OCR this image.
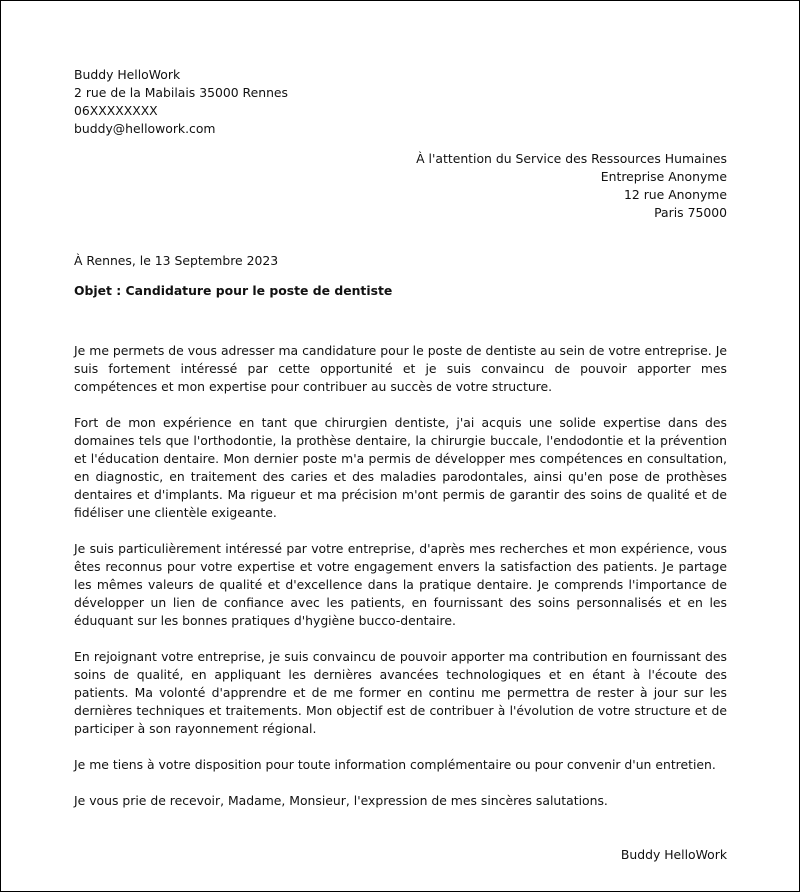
Buddy HelloWork
2 rue de la Mabilais 35000 Rennes
06XXXXXXXX
buddy@hellowork.com
À l'attention du Service des Ressources Humaines
Entreprise Anonyme
12 rue Anonyme
Paris 75000
À Rennes, le 13 Septembre 2023
Objet : Candidature pour le poste de dentiste

Je me permets de vous adresser ma candidature pour le poste de dentiste au sein de votre entreprise. Je suis fortement intéressé par cette opportunité et je suis convaincu de pouvoir apporter mes compétences et mon expertise pour contribuer au succès de votre structure.

Fort de mon expérience en tant que chirurgien dentiste, j'ai acquis une solide expertise dans des domaines tels que l'orthodontie, la prothèse dentaire, la chirurgie buccale, l'endodontie et la prévention et l'éducation dentaire. Mon dernier poste m'a permis de développer mes compétences en consultation, en diagnostic, en traitement des caries et des maladies parodontales, ainsi qu'en pose de prothèses dentaires et d'implants. Ma rigueur et ma précision m'ont permis de garantir des soins de qualité et de fidéliser une clientèle exigeante.

Je suis particulièrement intéressé par votre entreprise, d'après mes recherches et mon expérience, vous êtes reconnus pour votre expertise et votre engagement envers la satisfaction des patients. Je partage les mêmes valeurs de qualité et d'excellence dans la pratique dentaire. Je comprends l'importance de développer un lien de confiance avec les patients, en fournissant des soins personnalisés et en les éduquant sur les bonnes pratiques d'hygiène bucco-dentaire.

En rejoignant votre entreprise, je suis convaincu de pouvoir apporter ma contribution en fournissant des soins de qualité, en appliquant les dernières avancées technologiques et en étant à l'écoute des patients. Ma volonté d'apprendre et de me former en continu me permettra de rester à jour sur les dernières techniques et traitements. Mon objectif est de contribuer à l'évolution de votre structure et de participer à son rayonnement régional.

Je me tiens à votre disposition pour toute information complémentaire ou pour convenir d'un entretien.

Je vous prie de recevoir, Madame, Monsieur, l'expression de mes sincères salutations.

Buddy HelloWork
